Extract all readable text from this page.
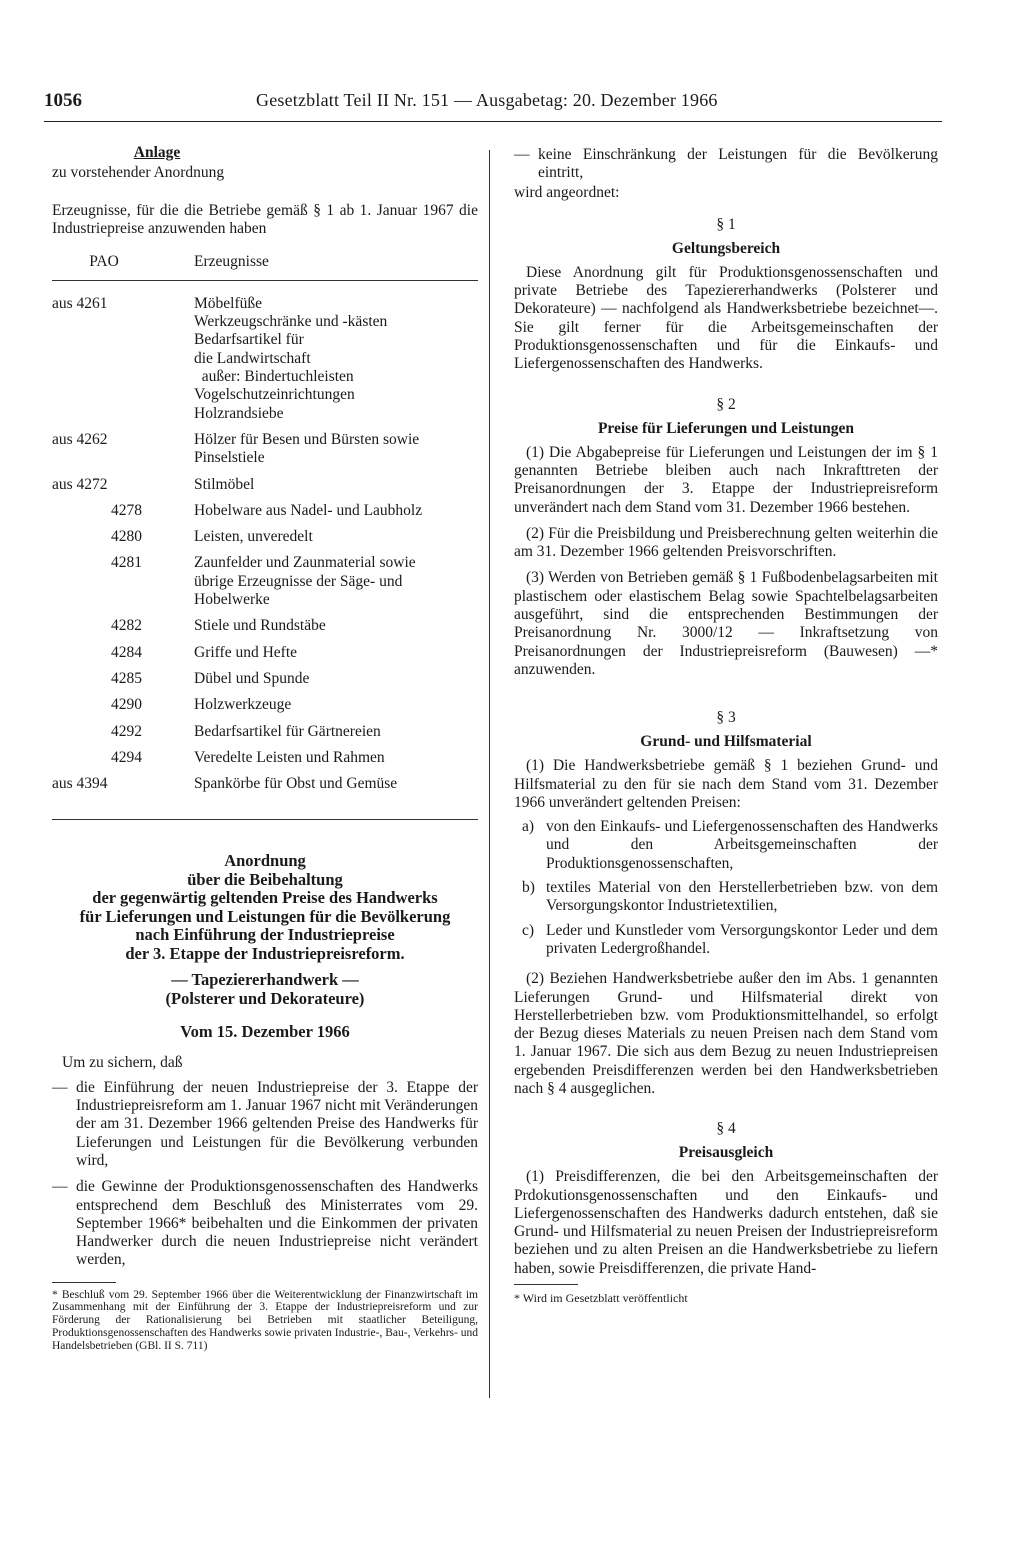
1056	Gesetzblatt Teil II Nr. 151 — Ausgabetag: 20. Dezember 1966

Anlage

zu vorstehender Anordnung

Erzeugnisse, für die die Betriebe gemäß § 1 ab 1. Januar 1967 die Industriepreise anzuwenden haben

PAO	Erzeugnisse
aus 4261	Möbelfüße
Werkzeugschränke und -kästen
Bedarfsartikel für
die Landwirtschaft
außer: Bindertuchleisten
Vogelschutzeinrichtungen
Holzrandsiebe
aus 4262	Hölzer für Besen und Bürsten sowie
Pinselstiele
aus 4272	Stilmöbel
4278	Hobelware aus Nadel- und Laubholz
4280	Leisten, unveredelt
4281	Zaunfelder und Zaunmaterial sowie
übrige Erzeugnisse der Säge- und
Hobelwerke
4282	Stiele und Rundstäbe
4284	Griffe und Hefte
4285	Dübel und Spunde
4290	Holzwerkzeuge
4292	Bedarfsartikel für Gärtnereien
4294	Veredelte Leisten und Rahmen
aus 4394	Spankörbe für Obst und Gemüse
Anordnung
über die Beibehaltung
der gegenwärtig geltenden Preise des Handwerks
für Lieferungen und Leistungen für die Bevölkerung
nach Einführung der Industriepreise
der 3. Etappe der Industriepreisreform.
— Tapeziererhandwerk —
(Polsterer und Dekorateure)

Vom 15. Dezember 1966

Um zu sichern, daß

— die Einführung der neuen Industriepreise der 3. Etappe der Industriepreisreform am 1. Januar 1967 nicht mit Veränderungen der am 31. Dezember 1966 geltenden Preise des Handwerks für Lieferungen und Leistungen für die Bevölkerung verbunden wird,
— die Gewinne der Produktionsgenossenschaften des Handwerks entsprechend dem Beschluß des Ministerrates vom 29. September 1966* beibehalten und die Einkommen der privaten Handwerker durch die neuen Industriepreise nicht verändert werden,

* Beschluß vom 29. September 1966 über die Weiterentwicklung der Finanzwirtschaft im Zusammenhang mit der Einführung der 3. Etappe der Industriepreisreform und zur Förderung der Rationalisierung bei Betrieben mit staatlicher Beteiligung, Produktionsgenossenschaften des Handwerks sowie privaten Industrie-, Bau-, Verkehrs- und Handelsbetrieben (GBl. II S. 711)

— keine Einschränkung der Leistungen für die Bevölkerung eintritt,

wird angeordnet:

§ 1

Geltungsbereich

Diese Anordnung gilt für Produktionsgenossenschaften und private Betriebe des Tapeziererhandwerks (Polsterer und Dekorateure) — nachfolgend als Handwerksbetriebe bezeichnet—. Sie gilt ferner für die Arbeitsgemeinschaften der Produktionsgenossenschaften und für die Einkaufs- und Liefergenossenschaften des Handwerks.

§ 2

Preise für Lieferungen und Leistungen

(1) Die Abgabepreise für Lieferungen und Leistungen der im § 1 genannten Betriebe bleiben auch nach Inkrafttreten der Preisanordnungen der 3. Etappe der Industriepreisreform unverändert nach dem Stand vom 31. Dezember 1966 bestehen.

(2) Für die Preisbildung und Preisberechnung gelten weiterhin die am 31. Dezember 1966 geltenden Preisvorschriften.

(3) Werden von Betrieben gemäß § 1 Fußbodenbelagsarbeiten mit plastischem oder elastischem Belag sowie Spachtelbelagsarbeiten ausgeführt, sind die entsprechenden Bestimmungen der Preisanordnung Nr. 3000/12 — Inkraftsetzung von Preisanordnungen der Industriepreisreform (Bauwesen) —* anzuwenden.

§ 3

Grund- und Hilfsmaterial

(1) Die Handwerksbetriebe gemäß § 1 beziehen Grund- und Hilfsmaterial zu den für sie nach dem Stand vom 31. Dezember 1966 unverändert geltenden Preisen:

a) von den Einkaufs- und Liefergenossenschaften des Handwerks und den Arbeitsgemeinschaften der Produktionsgenossenschaften,
b) textiles Material von den Herstellerbetrieben bzw. von dem Versorgungskontor Industrietextilien,
c) Leder und Kunstleder vom Versorgungskontor Leder und dem privaten Ledergroßhandel.

(2) Beziehen Handwerksbetriebe außer den im Abs. 1 genannten Lieferungen Grund- und Hilfsmaterial direkt von Herstellerbetrieben bzw. vom Produktionsmittelhandel, so erfolgt der Bezug dieses Materials zu neuen Preisen nach dem Stand vom 1. Januar 1967. Die sich aus dem Bezug zu neuen Industriepreisen ergebenden Preisdifferenzen werden bei den Handwerksbetrieben nach § 4 ausgeglichen.

§ 4

Preisausgleich

(1) Preisdifferenzen, die bei den Arbeitsgemeinschaften der Prdokutionsgenossenschaften und den Einkaufs- und Liefergenossenschaften des Handwerks dadurch entstehen, daß sie Grund- und Hilfsmaterial zu neuen Preisen der Industriepreisreform beziehen und zu alten Preisen an die Handwerksbetriebe zu liefern haben, sowie Preisdifferenzen, die private Hand-

* Wird im Gesetzblatt veröffentlicht
